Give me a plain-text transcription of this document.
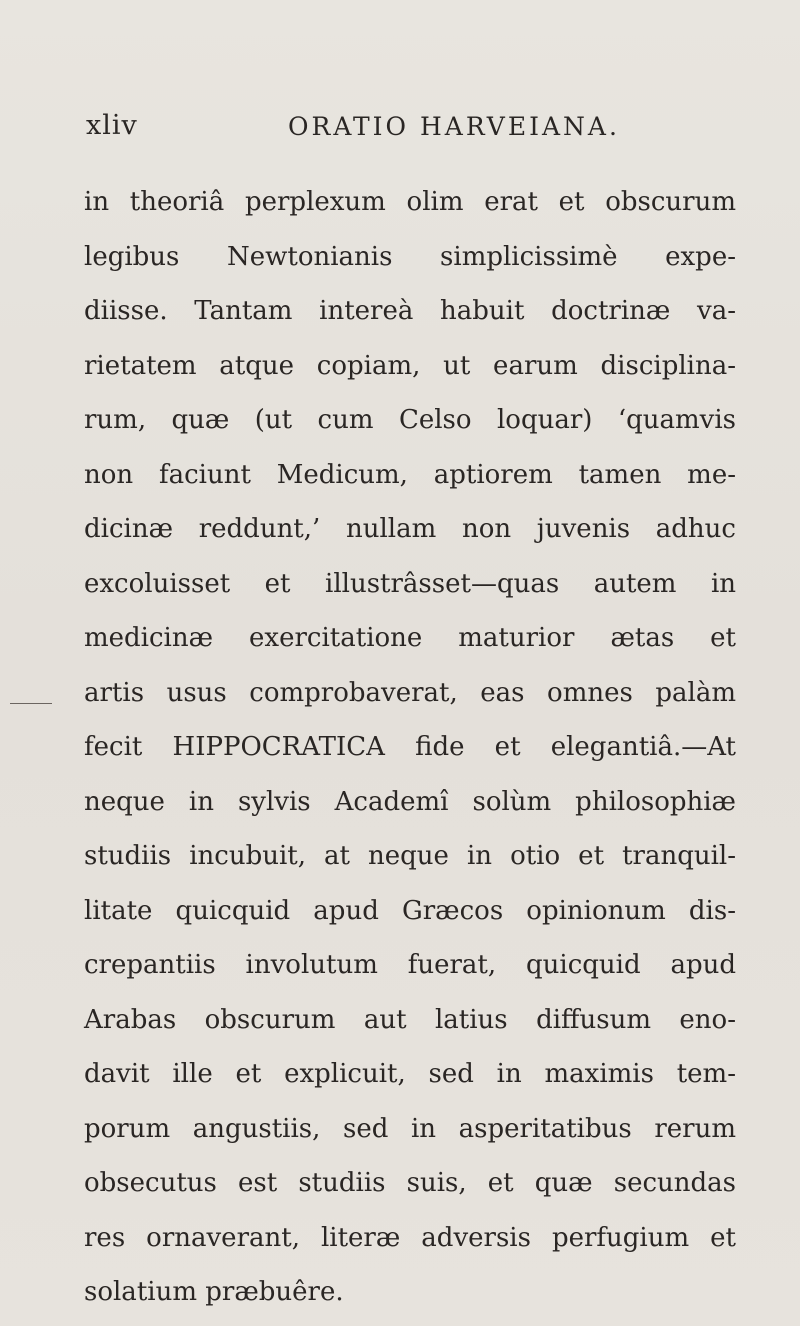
xliv	ORATIO HARVEIANA.
in theoriâ perplexum olim erat et obscurum
legibus Newtonianis simplicissimè expe-
diisse. Tantam intereà habuit doctrinæ va-
rietatem atque copiam, ut earum disciplina-
rum, quæ (ut cum Celso loquar) ‘quamvis
non faciunt Medicum, aptiorem tamen me-
dicinæ reddunt,’ nullam non juvenis adhuc
excoluisset et illustrâsset—quas autem in
medicinæ exercitatione maturior ætas et
artis usus comprobaverat, eas omnes palàm
fecit HIPPOCRATICA fide et elegantiâ.—At
neque in sylvis Academî solùm philosophiæ
studiis incubuit, at neque in otio et tranquil-
litate quicquid apud Græcos opinionum dis-
crepantiis involutum fuerat, quicquid apud
Arabas obscurum aut latius diffusum eno-
davit ille et explicuit, sed in maximis tem-
porum angustiis, sed in asperitatibus rerum
obsecutus est studiis suis, et quæ secundas
res ornaverant, literæ adversis perfugium et
solatium præbuêre.
